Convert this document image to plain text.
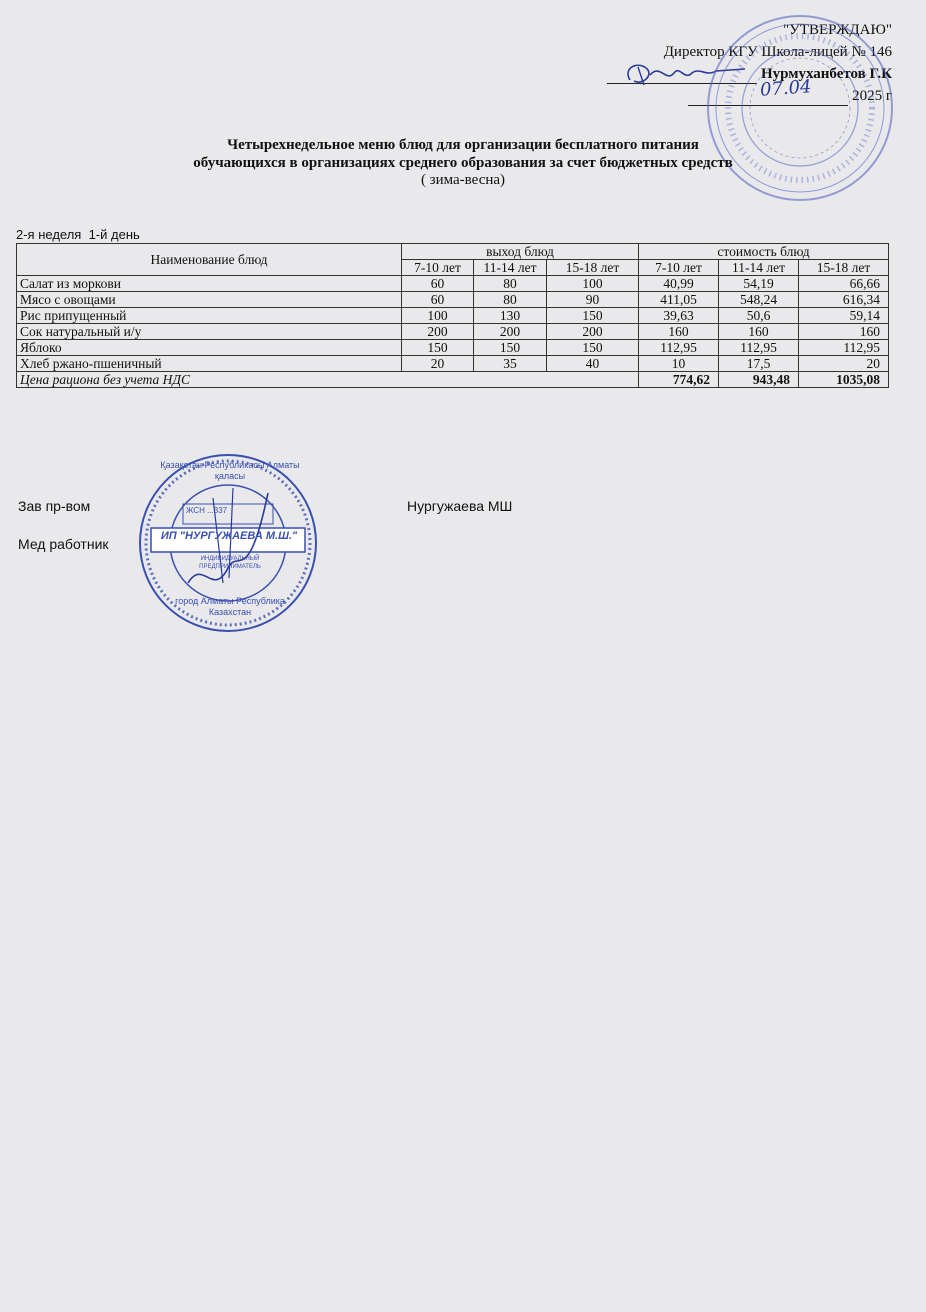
"УТВЕРЖДАЮ"
Директор КГУ Школа-лицей № 146
Нурмуханбетов Г.К
2025 г
07.04
Четырехнедельное меню блюд для организации бесплатного питания
обучающихся в организациях среднего образования за счет бюджетных средств
( зима-весна)
2-я неделя  1-й день
Наименование блюд	выход блюд			стоимость блюд		
	7-10 лет	11-14 лет	15-18 лет	7-10 лет	11-14 лет	15-18 лет
Салат из моркови	60	80	100	40,99	54,19	66,66
Мясо с овощами	60	80	90	411,05	548,24	616,34
Рис припущенный	100	130	150	39,63	50,6	59,14
Сок натуральный и/у	200	200	200	160	160	160
Яблоко	150	150	150	112,95	112,95	112,95
Хлеб ржано-пшеничный	20	35	40	10	17,5	20
Цена рациона без учета НДС				774,62	943,48	1035,08
Зав пр-вом	Нургужаева МШ
Мед работник	ИП "НУРГУЖАЕВА М.Ш."
ЖСН ...337
ИНДИВИДУАЛЬНЫЙ ПРЕДПРИНИМАТЕЛЬ
Қазақстан Республикасы Алматы қаласы
город Алматы Республика Казахстан
